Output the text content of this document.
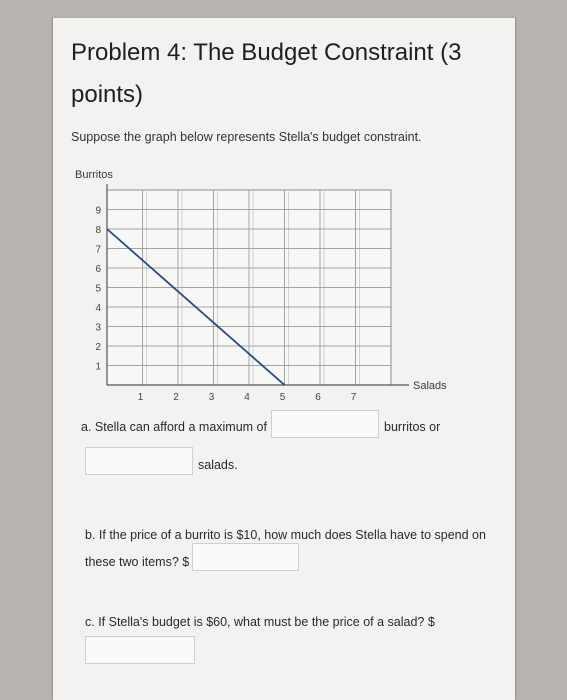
Problem 4: The Budget Constraint (3
points)
Suppose the graph below represents Stella's budget constraint.
Burritos
Salads
1
2
3
4
5
6
7
8
9
1	2	3	4	5	6	7
a. Stella can afford a maximum of	burritos or
salads.
b. If the price of a burrito is $10, how much does Stella have to spend on
these two items? $
c. If Stella's budget is $60, what must be the price of a salad? $
